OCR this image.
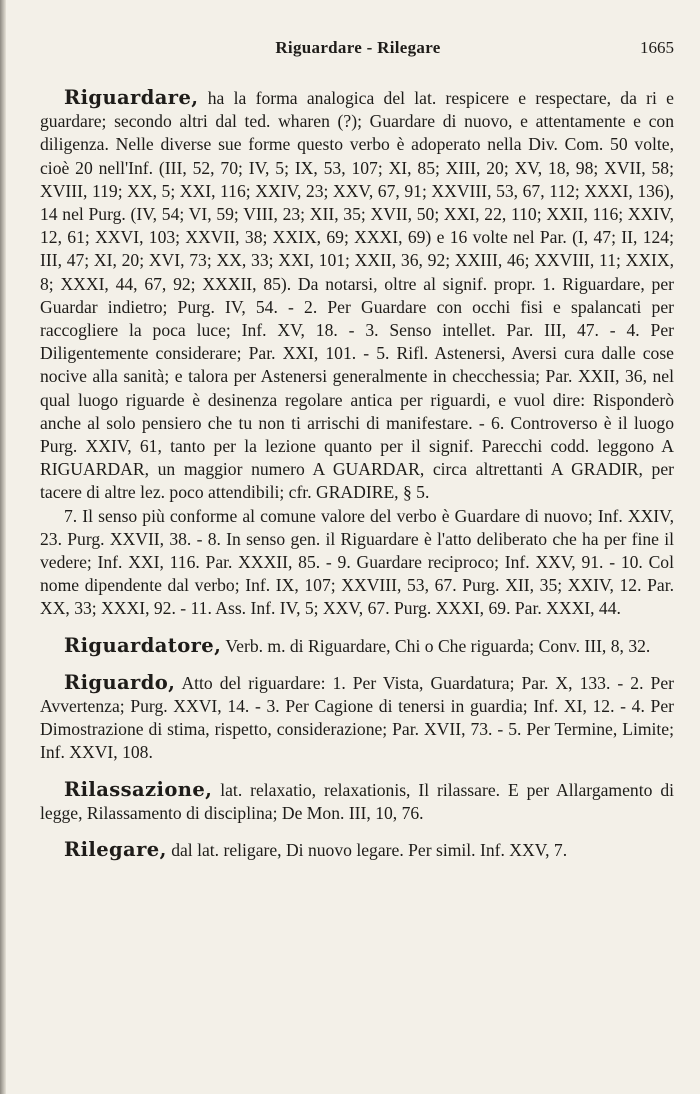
Riguardare - Rilegare	1665

Riguardare, ha la forma analogica del lat. respicere e respectare, da ri e guardare; secondo altri dal ted. wharen (?); Guardare di nuovo, e attentamente e con diligenza. Nelle diverse sue forme questo verbo è adoperato nella Div. Com. 50 volte, cioè 20 nell'Inf. (III, 52, 70; IV, 5; IX, 53, 107; XI, 85; XIII, 20; XV, 18, 98; XVII, 58; XVIII, 119; XX, 5; XXI, 116; XXIV, 23; XXV, 67, 91; XXVIII, 53, 67, 112; XXXI, 136), 14 nel Purg. (IV, 54; VI, 59; VIII, 23; XII, 35; XVII, 50; XXI, 22, 110; XXII, 116; XXIV, 12, 61; XXVI, 103; XXVII, 38; XXIX, 69; XXXI, 69) e 16 volte nel Par. (I, 47; II, 124; III, 47; XI, 20; XVI, 73; XX, 33; XXI, 101; XXII, 36, 92; XXIII, 46; XXVIII, 11; XXIX, 8; XXXI, 44, 67, 92; XXXII, 85). Da notarsi, oltre al signif. propr. 1. Riguardare, per Guardar indietro; Purg. IV, 54. - 2. Per Guardare con occhi fisi e spalancati per raccogliere la poca luce; Inf. XV, 18. - 3. Senso intellet. Par. III, 47. - 4. Per Diligentemente considerare; Par. XXI, 101. - 5. Rifl. Astenersi, Aversi cura dalle cose nocive alla sanità; e talora per Astenersi generalmente in checchessia; Par. XXII, 36, nel qual luogo riguarde è desinenza regolare antica per riguardi, e vuol dire: Risponderò anche al solo pensiero che tu non ti arrischi di manifestare. - 6. Controverso è il luogo Purg. XXIV, 61, tanto per la lezione quanto per il signif. Parecchi codd. leggono A RIGUARDAR, un maggior numero A GUARDAR, circa altrettanti A GRADIR, per tacere di altre lez. poco attendibili; cfr. GRADIRE, § 5.

7. Il senso più conforme al comune valore del verbo è Guardare di nuovo; Inf. XXIV, 23. Purg. XXVII, 38. - 8. In senso gen. il Riguardare è l'atto deliberato che ha per fine il vedere; Inf. XXI, 116. Par. XXXII, 85. - 9. Guardare reciproco; Inf. XXV, 91. - 10. Col nome dipendente dal verbo; Inf. IX, 107; XXVIII, 53, 67. Purg. XII, 35; XXIV, 12. Par. XX, 33; XXXI, 92. - 11. Ass. Inf. IV, 5; XXV, 67. Purg. XXXI, 69. Par. XXXI, 44.

Riguardatore, Verb. m. di Riguardare, Chi o Che riguarda; Conv. III, 8, 32.

Riguardo, Atto del riguardare: 1. Per Vista, Guardatura; Par. X, 133. - 2. Per Avvertenza; Purg. XXVI, 14. - 3. Per Cagione di tenersi in guardia; Inf. XI, 12. - 4. Per Dimostrazione di stima, rispetto, considerazione; Par. XVII, 73. - 5. Per Termine, Limite; Inf. XXVI, 108.

Rilassazione, lat. relaxatio, relaxationis, Il rilassare. E per Allargamento di legge, Rilassamento di disciplina; De Mon. III, 10, 76.

Rilegare, dal lat. religare, Di nuovo legare. Per simil. Inf. XXV, 7.
